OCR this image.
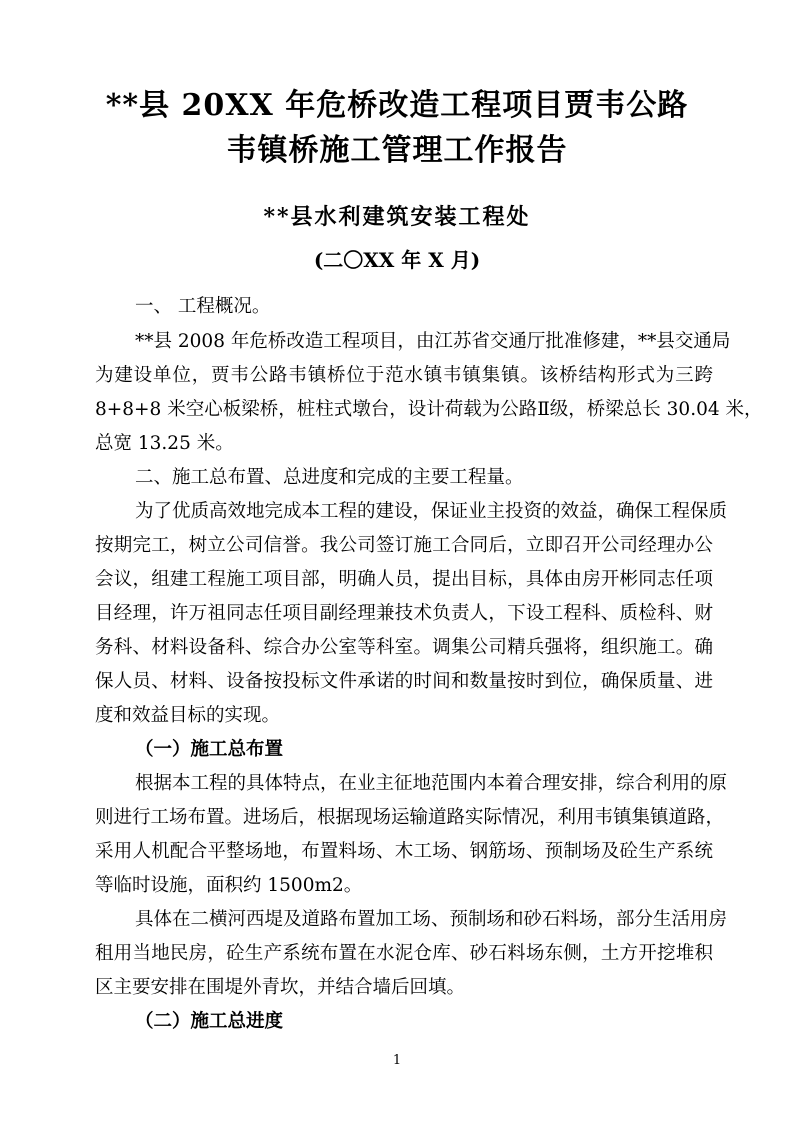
**县 20XX 年危桥改造工程项目贾韦公路
韦镇桥施工管理工作报告
**县水利建筑安装工程处
(二〇XX 年 X 月)
一、 工程概况。
**县 2008 年危桥改造工程项目，由江苏省交通厅批准修建，**县交通局
为建设单位，贾韦公路韦镇桥位于范水镇韦镇集镇。该桥结构形式为三跨
8+8+8 米空心板梁桥，桩柱式墩台，设计荷载为公路Ⅱ级，桥梁总长 30.04 米，
总宽 13.25 米。
二、施工总布置、总进度和完成的主要工程量。
为了优质高效地完成本工程的建设，保证业主投资的效益，确保工程保质
按期完工，树立公司信誉。我公司签订施工合同后，立即召开公司经理办公
会议，组建工程施工项目部，明确人员，提出目标，具体由房开彬同志任项
目经理，许万祖同志任项目副经理兼技术负责人，下设工程科、质检科、财
务科、材料设备科、综合办公室等科室。调集公司精兵强将，组织施工。确
保人员、材料、设备按投标文件承诺的时间和数量按时到位，确保质量、进
度和效益目标的实现。
（一）施工总布置
根据本工程的具体特点，在业主征地范围内本着合理安排，综合利用的原
则进行工场布置。进场后，根据现场运输道路实际情况，利用韦镇集镇道路，
采用人机配合平整场地，布置料场、木工场、钢筋场、预制场及砼生产系统
等临时设施，面积约 1500m2。
具体在二横河西堤及道路布置加工场、预制场和砂石料场，部分生活用房
租用当地民房，砼生产系统布置在水泥仓库、砂石料场东侧，土方开挖堆积
区主要安排在围堤外青坎，并结合墙后回填。
（二）施工总进度
1
